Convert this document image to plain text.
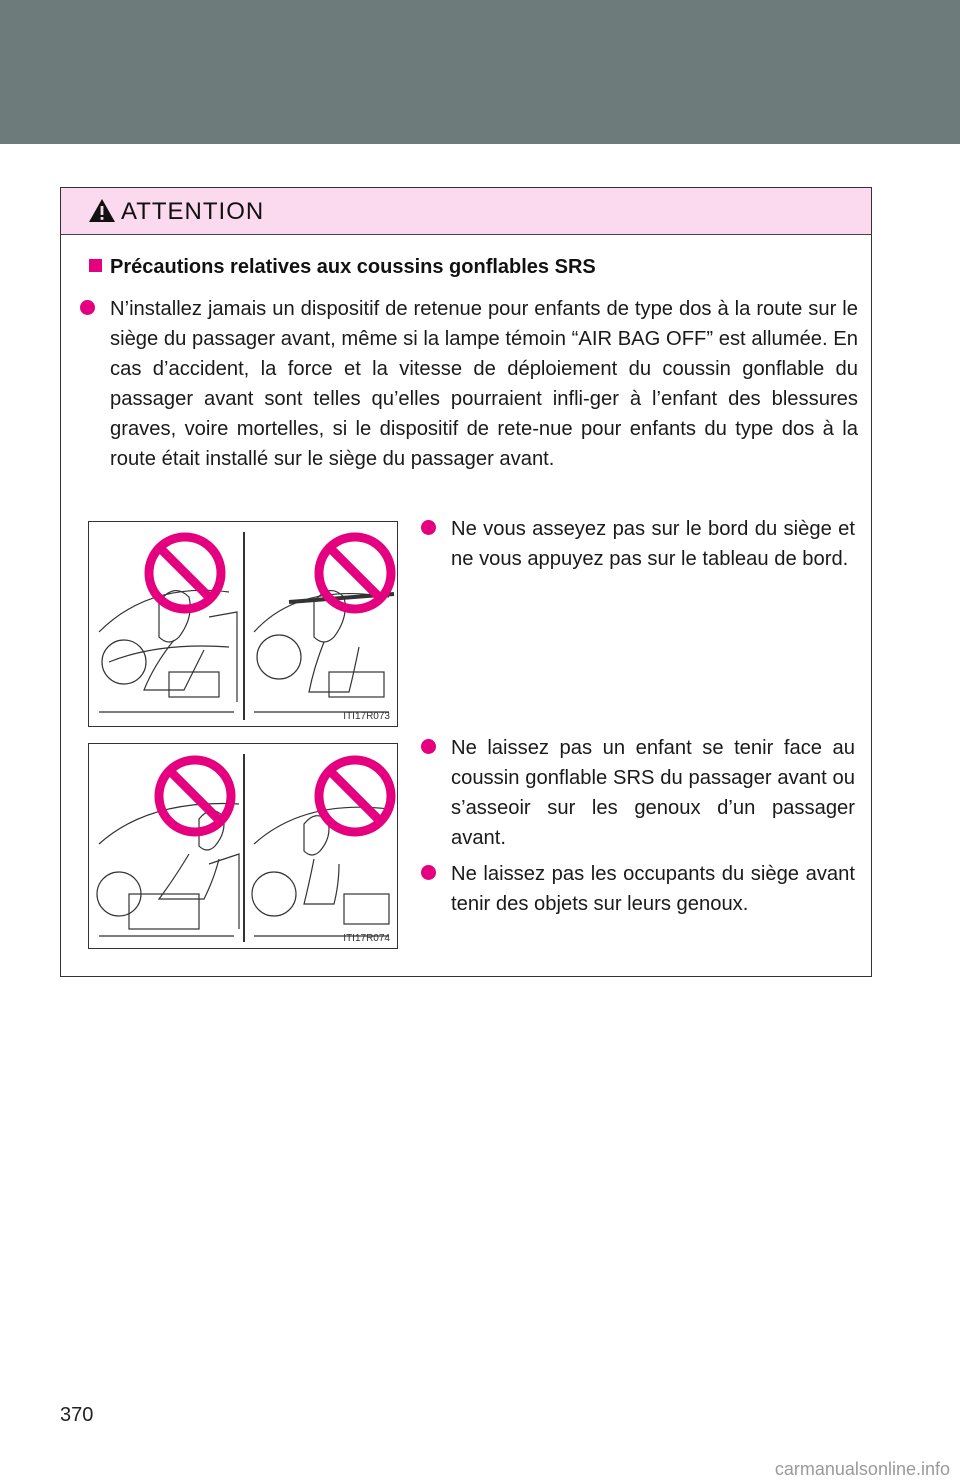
ATTENTION
Précautions relatives aux coussins gonflables SRS
N’installez jamais un dispositif de retenue pour enfants de type dos à la route sur le siège du passager avant, même si la lampe témoin “AIR BAG OFF” est allumée. En cas d’accident, la force et la vitesse de déploiement du coussin gonflable du passager avant sont telles qu’elles pourraient infli-ger à l’enfant des blessures graves, voire mortelles, si le dispositif de rete-nue pour enfants du type dos à la route était installé sur le siège du passager avant.
ITI17R073
Ne vous asseyez pas sur le bord du siège et ne vous appuyez pas sur le tableau de bord.
ITI17R074
Ne laissez pas un enfant se tenir face au coussin gonflable SRS du passager avant ou s’asseoir sur les genoux d’un passager avant.
Ne laissez pas les occupants du siège avant tenir des objets sur leurs genoux.
370
carmanualsonline.info
